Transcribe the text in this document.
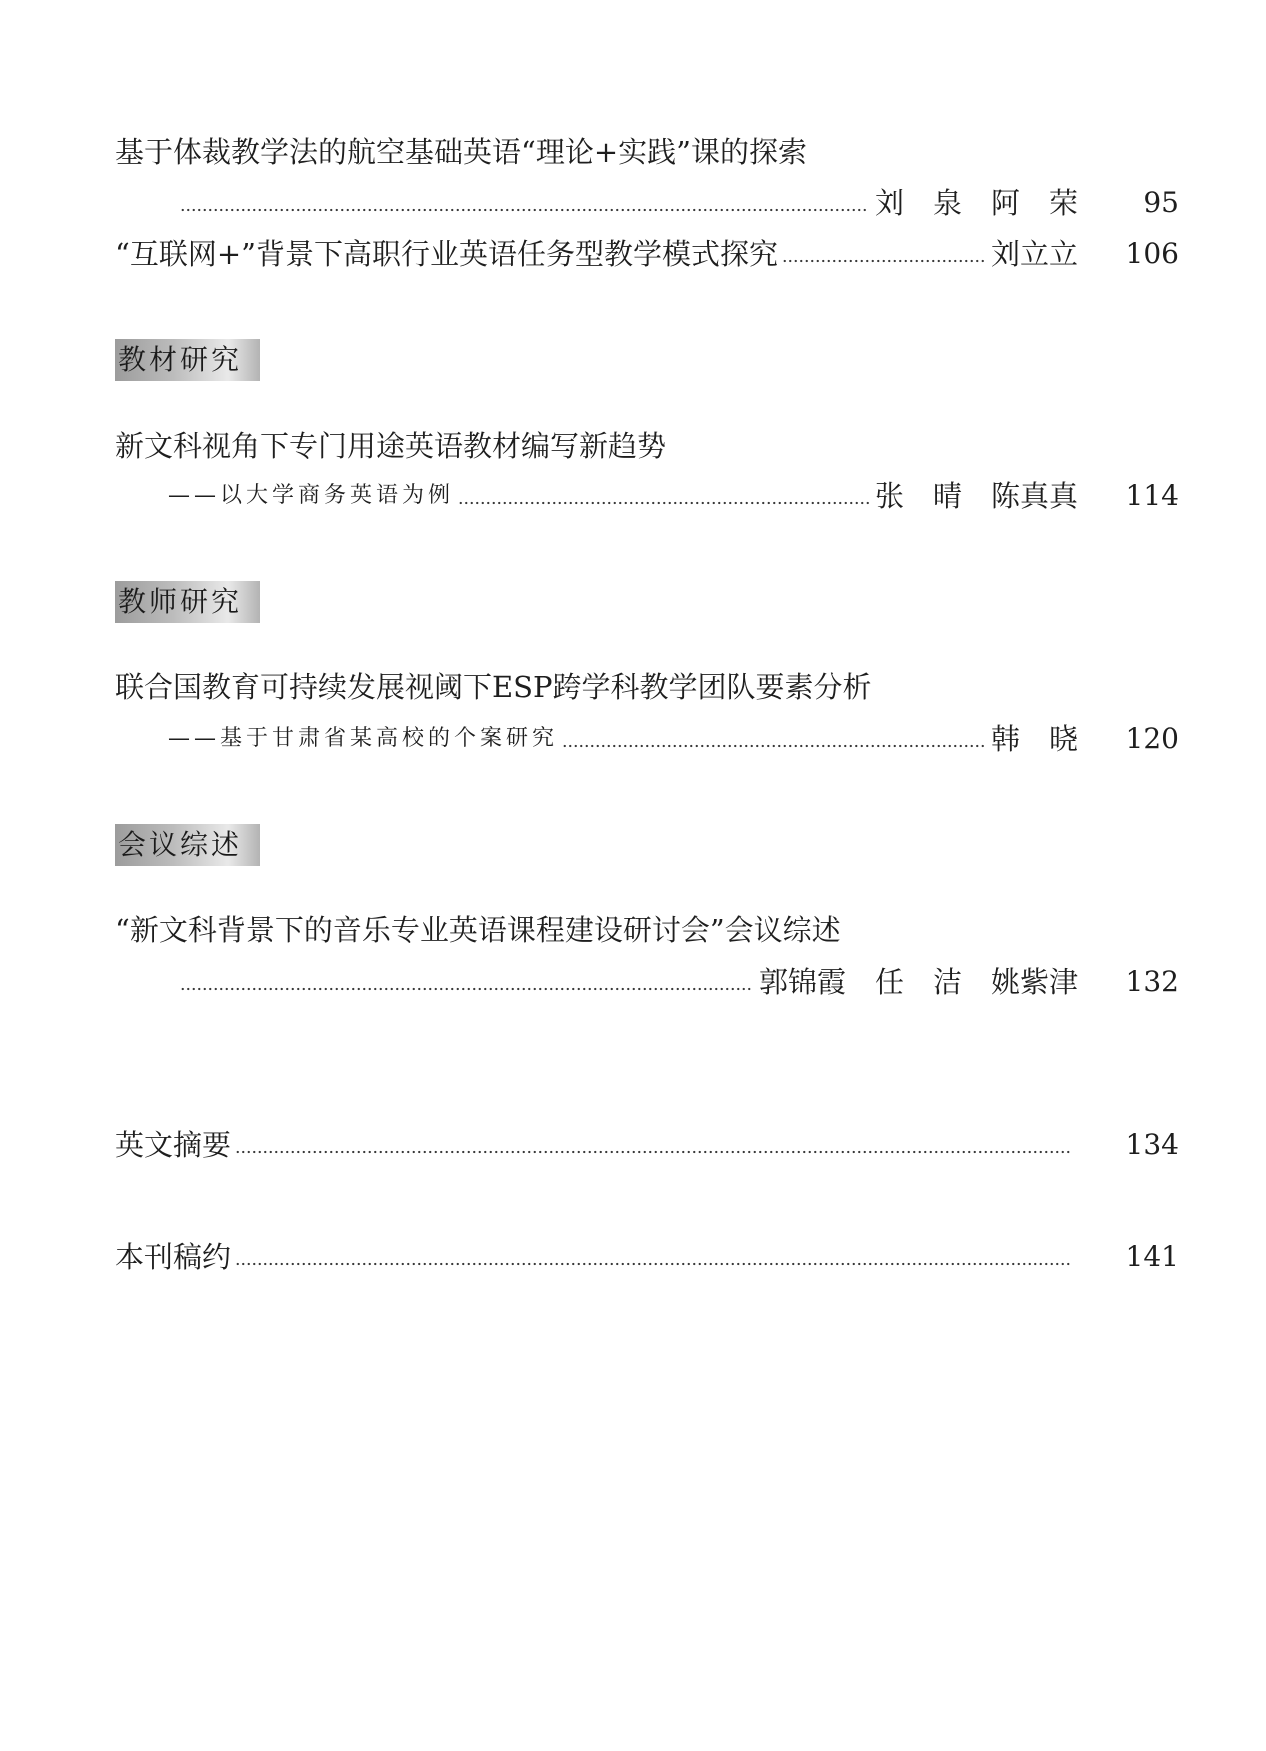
基于体裁教学法的航空基础英语“理论+实践”课的探索
刘　泉　阿　荣	95
“互联网+”背景下高职行业英语任务型教学模式探究	刘立立	106
教材研究
新文科视角下专门用途英语教材编写新趋势
——以大学商务英语为例	张　晴　陈真真	114
教师研究
联合国教育可持续发展视阈下ESP跨学科教学团队要素分析
——基于甘肃省某高校的个案研究	韩　晓	120
会议综述
“新文科背景下的音乐专业英语课程建设研讨会”会议综述
郭锦霞　任　洁　姚紫津	132
英文摘要	134
本刊稿约	141
